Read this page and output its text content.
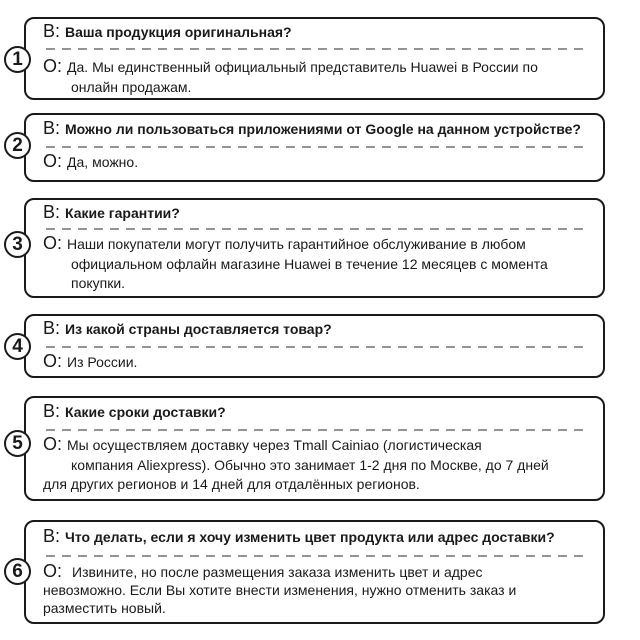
В: Ваша продукция оригинальная?
О: Да. Мы единственный официальный представитель Huawei в России по
онлайн продажам.
1
В: Можно ли пользоваться приложениями от Google на данном устройстве?
О: Да, можно.
2
В: Какие гарантии?
О: Наши покупатели могут получить гарантийное обслуживание в любом
официальном офлайн магазине Huawei в течение 12 месяцев с момента
покупки.
3
В: Из какой страны доставляется товар?
О: Из России.
4
В: Какие сроки доставки?
О: Мы осуществляем доставку через Tmall Cainiao (логистическая
компания Aliexpress). Обычно это занимает 1-2 дня по Москве, до 7 дней
для других регионов и 14 дней для отдалённых регионов.
5
В: Что делать, если я хочу изменить цвет продукта или адрес доставки?
О: Извините, но после размещения заказа изменить цвет и адрес
невозможно. Если Вы хотите внести изменения, нужно отменить заказ и
разместить новый.
6
